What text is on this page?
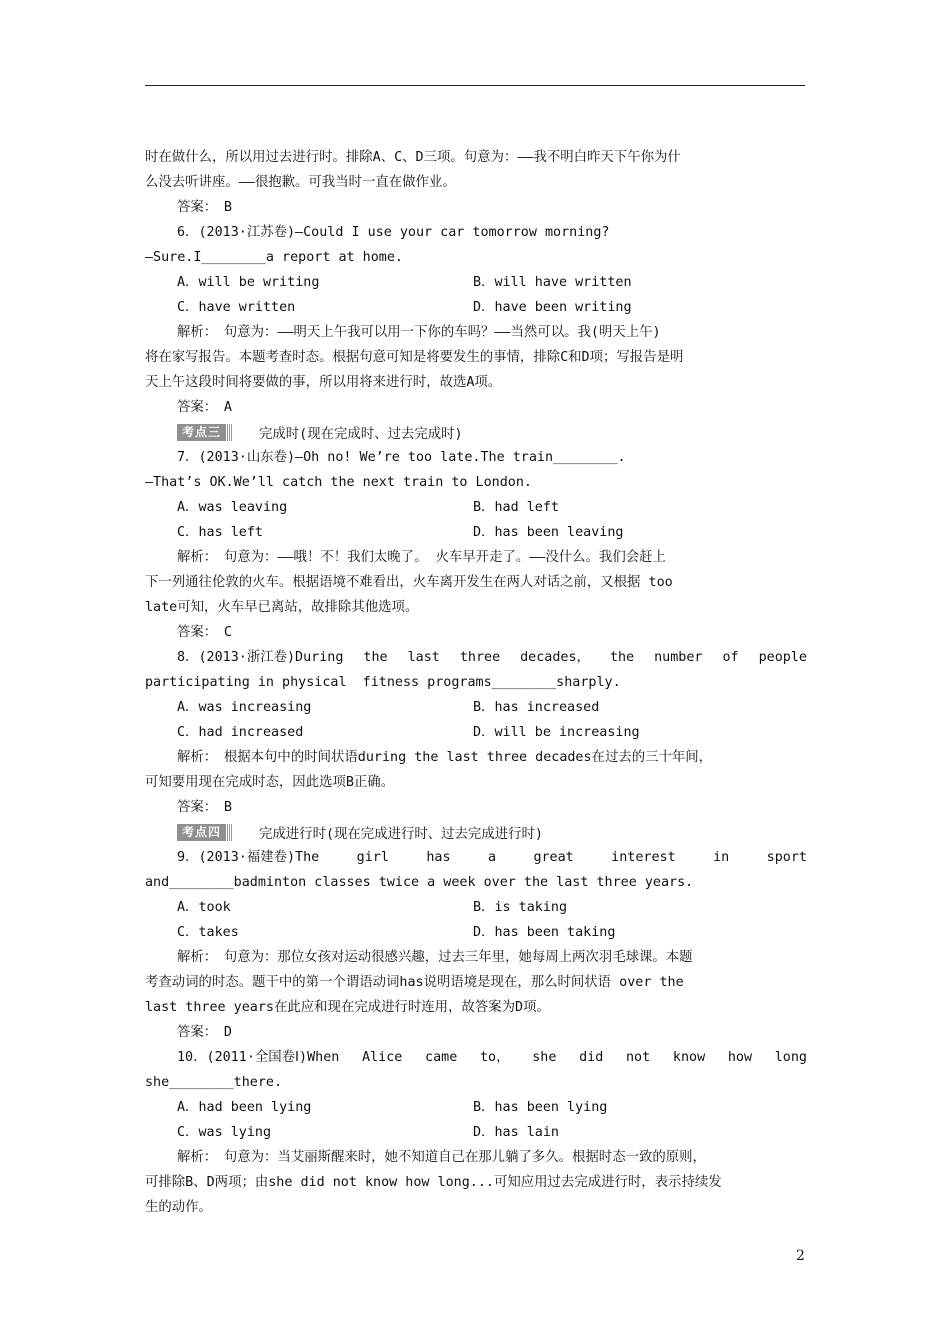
时在做什么，所以用过去进行时。排除A、C、D三项。句意为：——我不明白昨天下午你为什
么没去听讲座。——很抱歉。可我当时一直在做作业。
答案：　B
6．(2013·江苏卷)—Could I use your car tomorrow morning?
—Sure.I________a report at home.
A．will be writing	B．will have written
C．have written	D．have been writing
解析：　句意为：——明天上午我可以用一下你的车吗？——当然可以。我(明天上午)
将在家写报告。本题考查时态。根据句意可知是将要发生的事情，排除C和D项；写报告是明
天上午这段时间将要做的事，所以用将来进行时，故选A项。
答案：　A
考点三	完成时(现在完成时、过去完成时)
7．(2013·山东卷)—Oh no! We’re too late.The train________.
—That’s OK.We’ll catch the next train to London.
A．was leaving	B．had left
C．has left	D．has been leaving
解析：　句意为：——哦！不！我们太晚了。 火车早开走了。——没什么。我们会赶上
下一列通往伦敦的火车。根据语境不难看出，火车离开发生在两人对话之前，又根据 too
late可知，火车早已离站，故排除其他选项。
答案：　C
8．(2013·浙江卷)During the last three decades， the number of people
participating in physical  fitness programs________sharply.
A．was increasing	B．has increased
C．had increased	D．will be increasing
解析：　根据本句中的时间状语during the last three decades在过去的三十年间，
可知要用现在完成时态，因此选项B正确。
答案：　B
考点四	完成进行时(现在完成进行时、过去完成进行时)
9．(2013·福建卷)The	girl	has	a	great	interest	in	sport
and________badminton classes twice a week over the last three years.
A．took	B．is taking
C．takes	D．has been taking
解析：　句意为：那位女孩对运动很感兴趣，过去三年里，她每周上两次羽毛球课。本题
考查动词的时态。题干中的第一个谓语动词has说明语境是现在，那么时间状语 over the
last three years在此应和现在完成进行时连用，故答案为D项。
答案：　D
10．(2011·全国卷Ⅰ)When Alice came to， she did not know how long
she________there.
A．had been lying	B．has been lying
C．was lying	D．has lain
解析：　句意为：当艾丽斯醒来时，她不知道自己在那儿躺了多久。根据时态一致的原则，
可排除B、D两项；由she did not know how long...可知应用过去完成进行时，表示持续发
生的动作。
2
